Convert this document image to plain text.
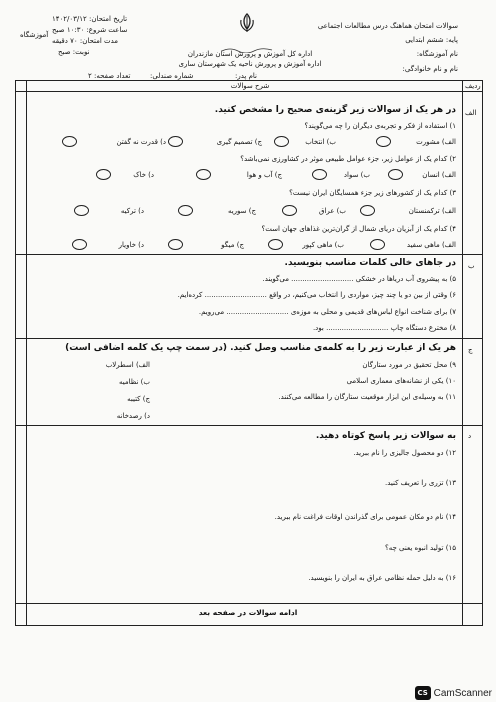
سوالات امتحان هماهنگ درس مطالعات اجتماعی
پایه: ششم ابتدایی
نام آموزشگاه:
نام و نام خانوادگی:
اداره کل آموزش و پرورش استان مازندران
اداره آموزش و پرورش ناحیه یک شهرستان ساری
نام پدر:
شماره صندلی:
تاریخ امتحان: ۱۴۰۲/۰۳/۱۲
ساعت شروع: ۱۰:۳۰ صبح
مدت امتحان: ۷۰ دقیقه
نوبت: صبح
تعداد صفحه: ۲
آموزشگاه
ردیف
شرح سوالات
الف
در هر یک از سوالات زیر گزینه‌ی صحیح را مشخص کنید.
۱) استفاده از فکر و تجربه‌ی دیگران را چه می‌گویند؟
الف) مشورت
ب) انتخاب
ج) تصمیم گیری
د) قدرت نه گفتن
۲) کدام یک از عوامل زیر، جزء عوامل طبیعی موثر در کشاورزی نمی‌باشد؟
الف) انسان
ب) سواد
ج) آب و هوا
د) خاک
۳) کدام یک از کشورهای زیر جزء همسایگان ایران نیست؟
الف) ترکمنستان
ب) عراق
ج) سوریه
د) ترکیه
۴) کدام یک از آبزیان دریای شمال از گران‌ترین غذاهای جهان است؟
الف) ماهی سفید
ب) ماهی کپور
ج) میگو
د) خاویار
ب
در جاهای خالی کلمات مناسب بنویسید.
۵) به پیشروی آب دریاها در خشکی ............................ می‌گویند.
۶) وقتی از بین دو یا چند چیز، مواردی را انتخاب می‌کنیم، در واقع ............................ کرده‌ایم.
۷) برای شناخت انواع لباس‌های قدیمی و محلی به موزه‌ی ............................ می‌رویم.
۸) مخترع دستگاه چاپ ............................ بود.
ج
هر یک از عبارت زیر را به کلمه‌ی مناسب وصل کنید. (در سمت چپ یک کلمه اضافی است)
۹) محل تحقیق در مورد ستارگان
۱۰) یکی از نشانه‌های معماری اسلامی
۱۱) به وسیله‌ی این ابزار موقعیت ستارگان را مطالعه می‌کنند.
الف) اسطرلاب
ب) نظامیه
ج) کتیبه
د) رصدخانه
د
به سوالات زیر پاسخ کوتاه دهید.
۱۲) دو محصول جالیزی را نام ببرید.
۱۳) تزری را تعریف کنید.
۱۴) نام دو مکان عمومی برای گذراندن اوقات فراغت نام ببرید.
۱۵) تولید انبوه یعنی چه؟
۱۶) به دلیل حمله نظامی عراق به ایران را بنویسید.
ادامه سوالات در صفحه بعد
CS CamScanner
